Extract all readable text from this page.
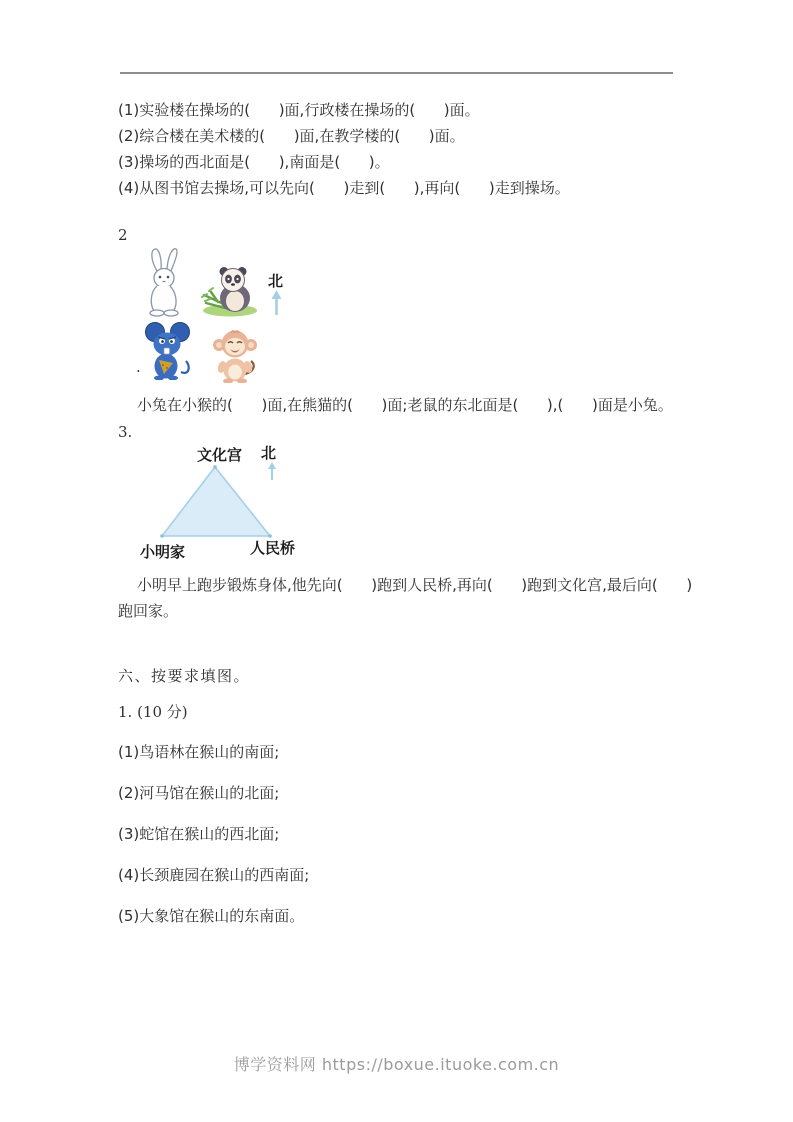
(1)实验楼在操场的(      )面,行政楼在操场的(      )面。
(2)综合楼在美术楼的(      )面,在教学楼的(      )面。
(3)操场的西北面是(      ),南面是(      )。
(4)从图书馆去操场,可以先向(      )走到(      ),再向(      )走到操场。
2
北
.
小兔在小猴的(      )面,在熊猫的(      )面;老鼠的东北面是(      ),(      )面是小兔。
3.
文化宫 北
小明家	人民桥
小明早上跑步锻炼身体,他先向(      )跑到人民桥,再向(      )跑到文化宫,最后向(      )
跑回家。
六、按要求填图。
1. (10 分)
(1)鸟语林在猴山的南面;
(2)河马馆在猴山的北面;
(3)蛇馆在猴山的西北面;
(4)长颈鹿园在猴山的西南面;
(5)大象馆在猴山的东南面。
博学资料网 https://boxue.ituoke.com.cn
